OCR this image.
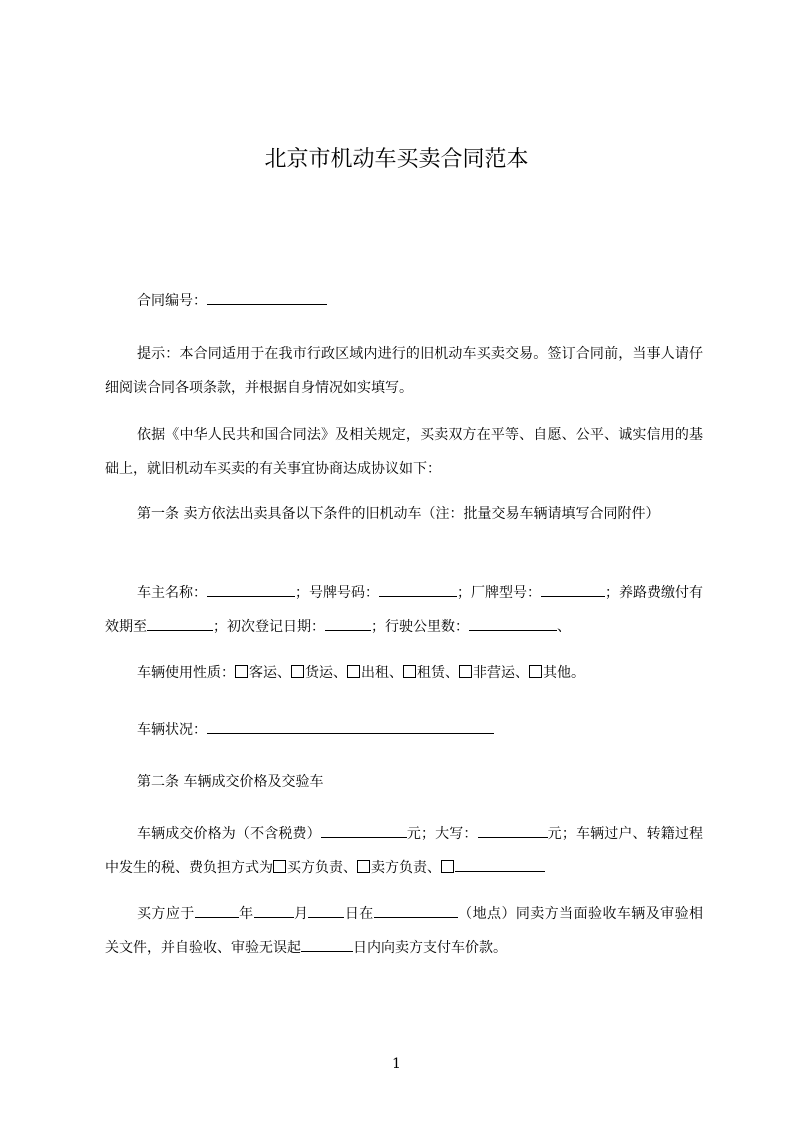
北京市机动车买卖合同范本
合同编号：
提示：本合同适用于在我市行政区域内进行的旧机动车买卖交易。签订合同前，当事人请仔细阅读合同各项条款，并根据自身情况如实填写。
依据《中华人民共和国合同法》及相关规定，买卖双方在平等、自愿、公平、诚实信用的基础上，就旧机动车买卖的有关事宜协商达成协议如下：
第一条 卖方依法出卖具备以下条件的旧机动车（注：批量交易车辆请填写合同附件）
车主名称：	；号牌号码：	；厂牌型号：	；养路费缴付有效期至	；初次登记日期：	；行驶公里数：	、
车辆使用性质： 客运、 货运、 出租、 租赁、 非营运、 其他。
车辆状况：
第二条 车辆成交价格及交验车
车辆成交价格为（不含税费）	元；大写：	元；车辆过户、转籍过程中发生的税、费负担方式为 买方负责、 卖方负责、
买方应于	年	月	日在	（地点）同卖方当面验收车辆及审验相关文件，并自验收、审验无误起	日内向卖方支付车价款。
1
